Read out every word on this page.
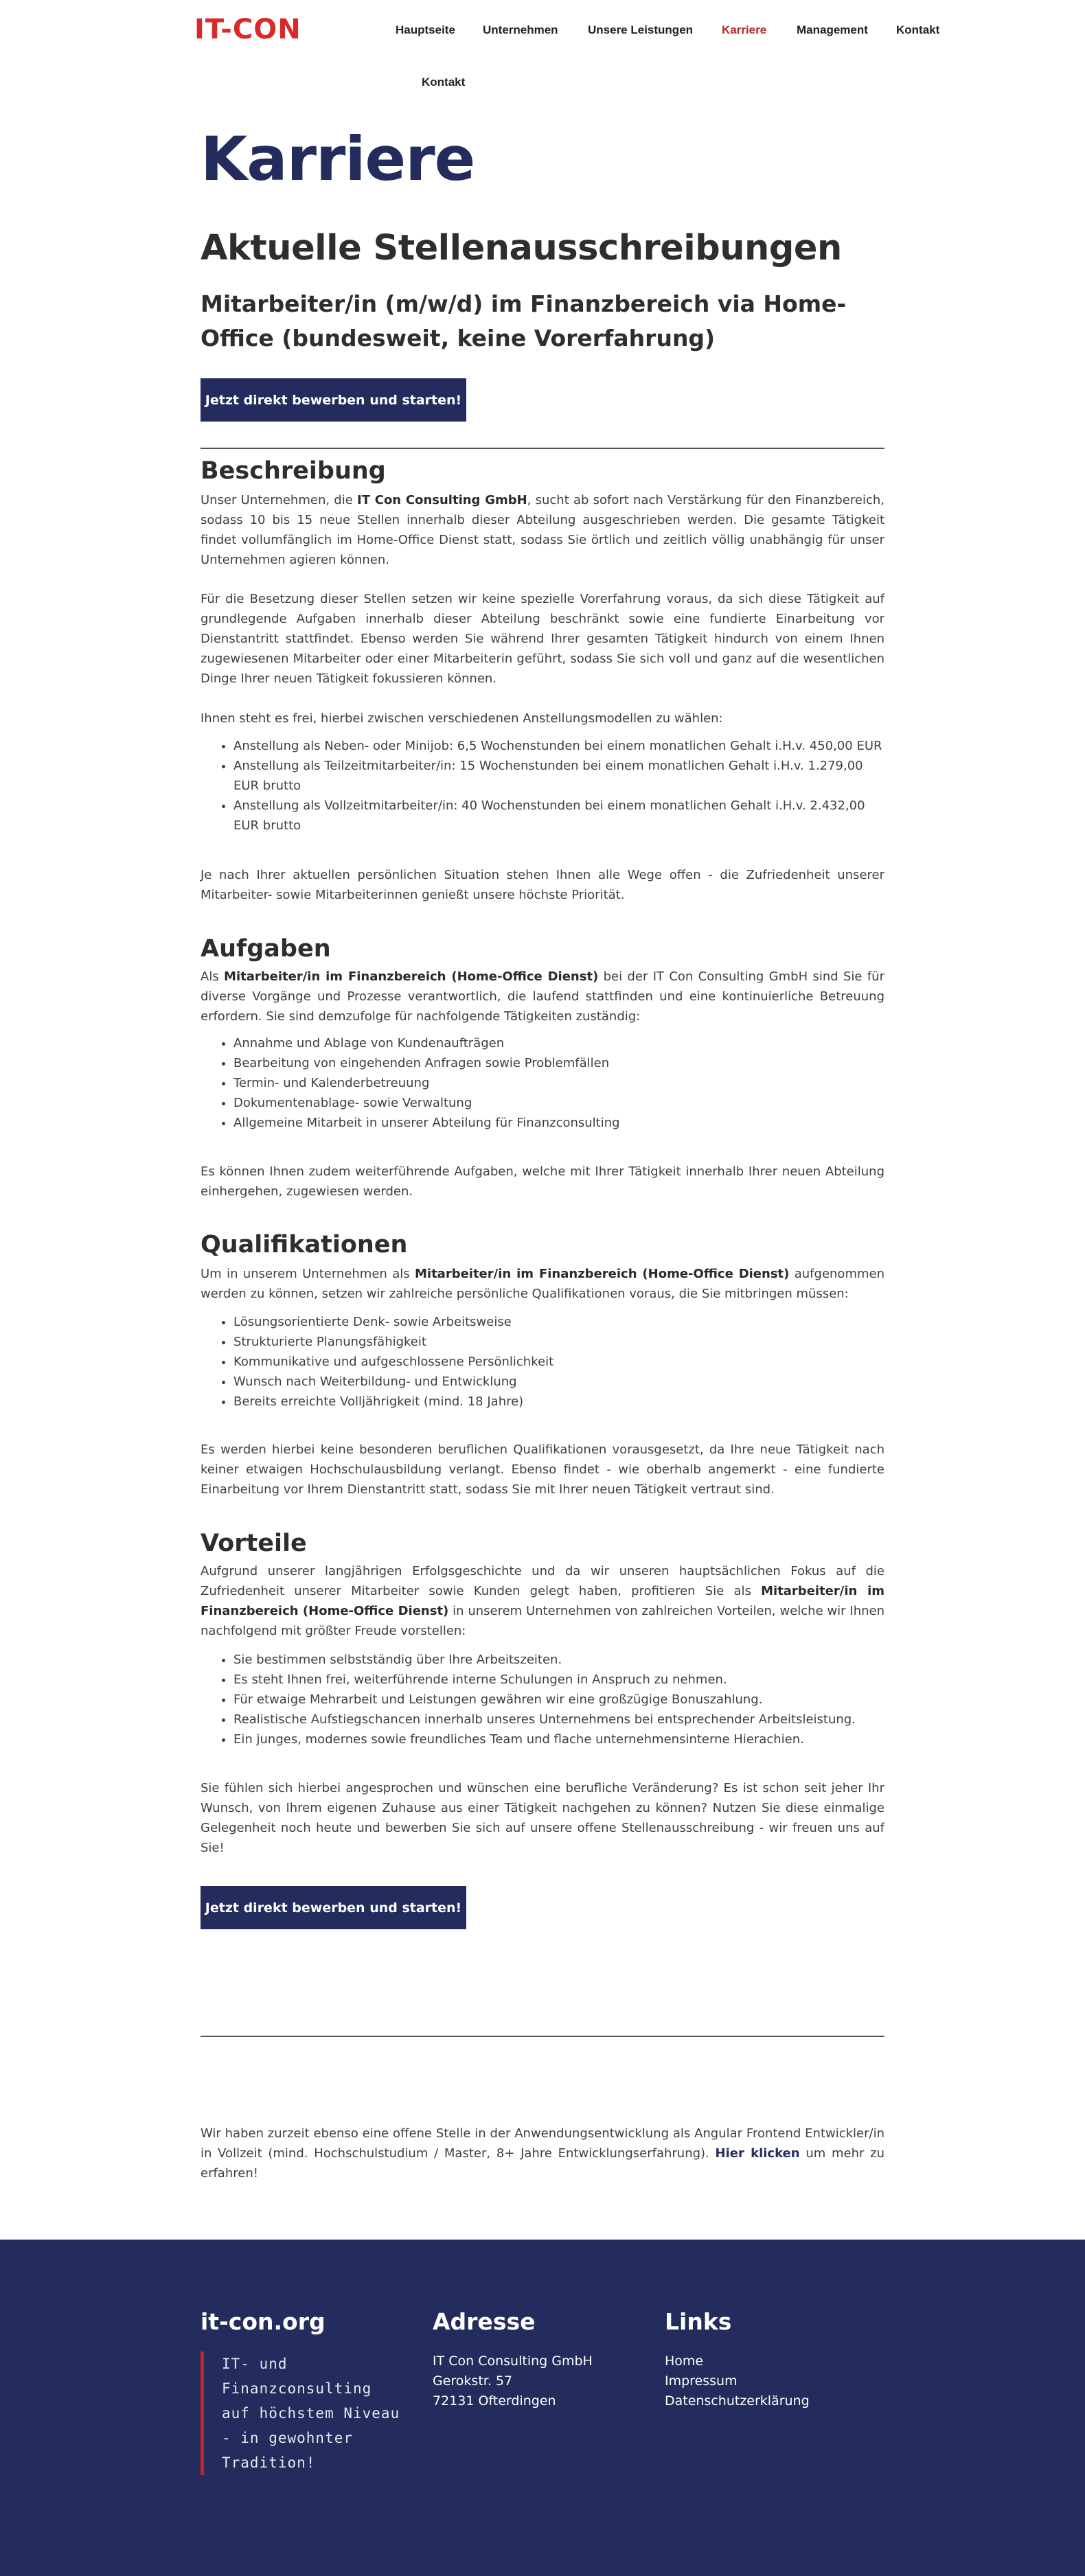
IT-CON	Hauptseite Unternehmen	Unsere Leistungen Karriere	Management Kontakt
Kontakt
Karriere
Aktuelle Stellenausschreibungen
Mitarbeiter/in (m/w/d) im Finanzbereich via Home-Office (bundesweit, keine Vorerfahrung)
Jetzt direkt bewerben und starten!
Beschreibung

Unser Unternehmen, die IT Con Consulting GmbH, sucht ab sofort nach Verstärkung für den Finanzbereich, sodass 10 bis 15 neue Stellen innerhalb dieser Abteilung ausgeschrieben werden. Die gesamte Tätigkeit findet vollumfänglich im Home-Office Dienst statt, sodass Sie örtlich und zeitlich völlig unabhängig für unser Unternehmen agieren können.

Für die Besetzung dieser Stellen setzen wir keine spezielle Vorerfahrung voraus, da sich diese Tätigkeit auf grundlegende Aufgaben innerhalb dieser Abteilung beschränkt sowie eine fundierte Einarbeitung vor Dienstantritt stattfindet. Ebenso werden Sie während Ihrer gesamten Tätigkeit hindurch von einem Ihnen zugewiesenen Mitarbeiter oder einer Mitarbeiterin geführt, sodass Sie sich voll und ganz auf die wesentlichen Dinge Ihrer neuen Tätigkeit fokussieren können.

Ihnen steht es frei, hierbei zwischen verschiedenen Anstellungsmodellen zu wählen:

• Anstellung als Neben- oder Minijob: 6,5 Wochenstunden bei einem monatlichen Gehalt i.H.v. 450,00 EUR
• Anstellung als Teilzeitmitarbeiter/in: 15 Wochenstunden bei einem monatlichen Gehalt i.H.v. 1.279,00 EUR brutto
• Anstellung als Vollzeitmitarbeiter/in: 40 Wochenstunden bei einem monatlichen Gehalt i.H.v. 2.432,00 EUR brutto

Je nach Ihrer aktuellen persönlichen Situation stehen Ihnen alle Wege offen - die Zufriedenheit unserer Mitarbeiter- sowie Mitarbeiterinnen genießt unsere höchste Priorität.

Aufgaben

Als Mitarbeiter/in im Finanzbereich (Home-Office Dienst) bei der IT Con Consulting GmbH sind Sie für diverse Vorgänge und Prozesse verantwortlich, die laufend stattfinden und eine kontinuierliche Betreuung erfordern. Sie sind demzufolge für nachfolgende Tätigkeiten zuständig:

• Annahme und Ablage von Kundenaufträgen
• Bearbeitung von eingehenden Anfragen sowie Problemfällen
• Termin- und Kalenderbetreuung
• Dokumentenablage- sowie Verwaltung
• Allgemeine Mitarbeit in unserer Abteilung für Finanzconsulting

Es können Ihnen zudem weiterführende Aufgaben, welche mit Ihrer Tätigkeit innerhalb Ihrer neuen Abteilung einhergehen, zugewiesen werden.

Qualifikationen

Um in unserem Unternehmen als Mitarbeiter/in im Finanzbereich (Home-Office Dienst) aufgenommen werden zu können, setzen wir zahlreiche persönliche Qualifikationen voraus, die Sie mitbringen müssen:

• Lösungsorientierte Denk- sowie Arbeitsweise
• Strukturierte Planungsfähigkeit
• Kommunikative und aufgeschlossene Persönlichkeit
• Wunsch nach Weiterbildung- und Entwicklung
• Bereits erreichte Volljährigkeit (mind. 18 Jahre)

Es werden hierbei keine besonderen beruflichen Qualifikationen vorausgesetzt, da Ihre neue Tätigkeit nach keiner etwaigen Hochschulausbildung verlangt. Ebenso findet - wie oberhalb angemerkt - eine fundierte Einarbeitung vor Ihrem Dienstantritt statt, sodass Sie mit Ihrer neuen Tätigkeit vertraut sind.

Vorteile

Aufgrund unserer langjährigen Erfolgsgeschichte und da wir unseren hauptsächlichen Fokus auf die Zufriedenheit unserer Mitarbeiter sowie Kunden gelegt haben, profitieren Sie als Mitarbeiter/in im Finanzbereich (Home-Office Dienst) in unserem Unternehmen von zahlreichen Vorteilen, welche wir Ihnen nachfolgend mit größter Freude vorstellen:

• Sie bestimmen selbstständig über Ihre Arbeitszeiten.
• Es steht Ihnen frei, weiterführende interne Schulungen in Anspruch zu nehmen.
• Für etwaige Mehrarbeit und Leistungen gewähren wir eine großzügige Bonuszahlung.
• Realistische Aufstiegschancen innerhalb unseres Unternehmens bei entsprechender Arbeitsleistung.
• Ein junges, modernes sowie freundliches Team und flache unternehmensinterne Hierachien.

Sie fühlen sich hierbei angesprochen und wünschen eine berufliche Veränderung? Es ist schon seit jeher Ihr Wunsch, von Ihrem eigenen Zuhause aus einer Tätigkeit nachgehen zu können? Nutzen Sie diese einmalige Gelegenheit noch heute und bewerben Sie sich auf unsere offene Stellenausschreibung - wir freuen uns auf Sie!

Jetzt direkt bewerben und starten!

Wir haben zurzeit ebenso eine offene Stelle in der Anwendungsentwicklung als Angular Frontend Entwickler/in in Vollzeit (mind. Hochschulstudium / Master, 8+ Jahre Entwicklungserfahrung). Hier klicken um mehr zu erfahren!

it-con.org
IT- und Finanzconsulting auf höchstem Niveau - in gewohnter Tradition!
Adresse
IT Con Consulting GmbH
Gerokstr. 57
72131 Ofterdingen
Links
Home
Impressum
Datenschutzerklärung
